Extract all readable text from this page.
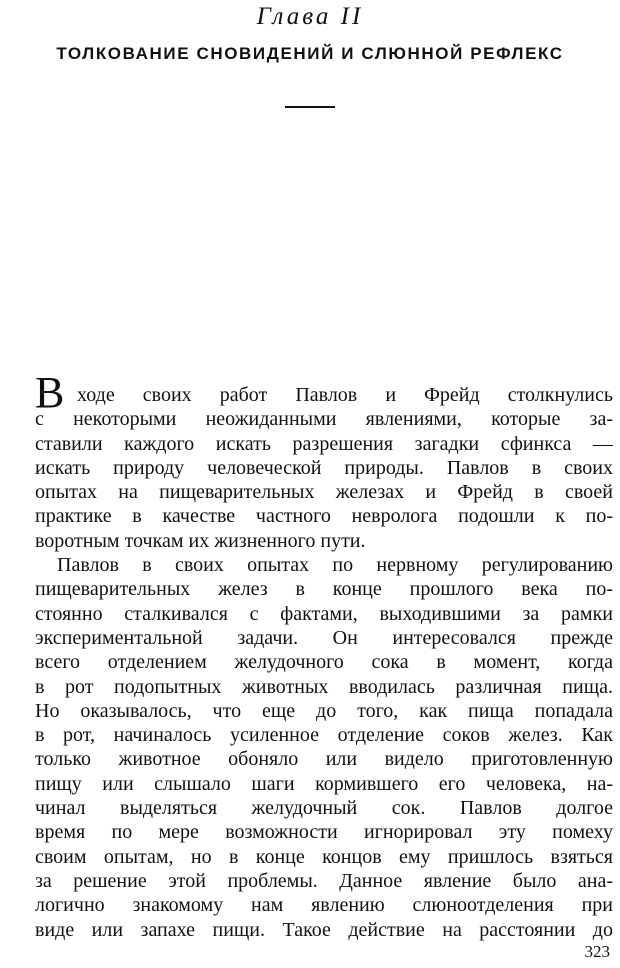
Глава II
ТОЛКОВАНИЕ СНОВИДЕНИЙ И СЛЮННОЙ РЕФЛЕКС
В ходе своих работ Павлов и Фрейд столкнулись
с некоторыми неожиданными явлениями, которые за-
ставили каждого искать разрешения загадки сфинкса —
искать природу человеческой природы. Павлов в своих
опытах на пищеварительных железах и Фрейд в своей
практике в качестве частного невролога подошли к по-
воротным точкам их жизненного пути.
Павлов в своих опытах по нервному регулированию
пищеварительных желез в конце прошлого века по-
стоянно сталкивался с фактами, выходившими за рамки
экспериментальной задачи. Он интересовался прежде
всего отделением желудочного сока в момент, когда
в рот подопытных животных вводилась различная пища.
Но оказывалось, что еще до того, как пища попадала
в рот, начиналось усиленное отделение соков желез. Как
только животное обоняло или видело приготовленную
пищу или слышало шаги кормившего его человека, на-
чинал выделяться желудочный сок. Павлов долгое
время по мере возможности игнорировал эту помеху
своим опытам, но в конце концов ему пришлось взяться
за решение этой проблемы. Данное явление было ана-
логично знакомому нам явлению слюноотделения при
виде или запахе пищи. Такое действие на расстоянии до
323
